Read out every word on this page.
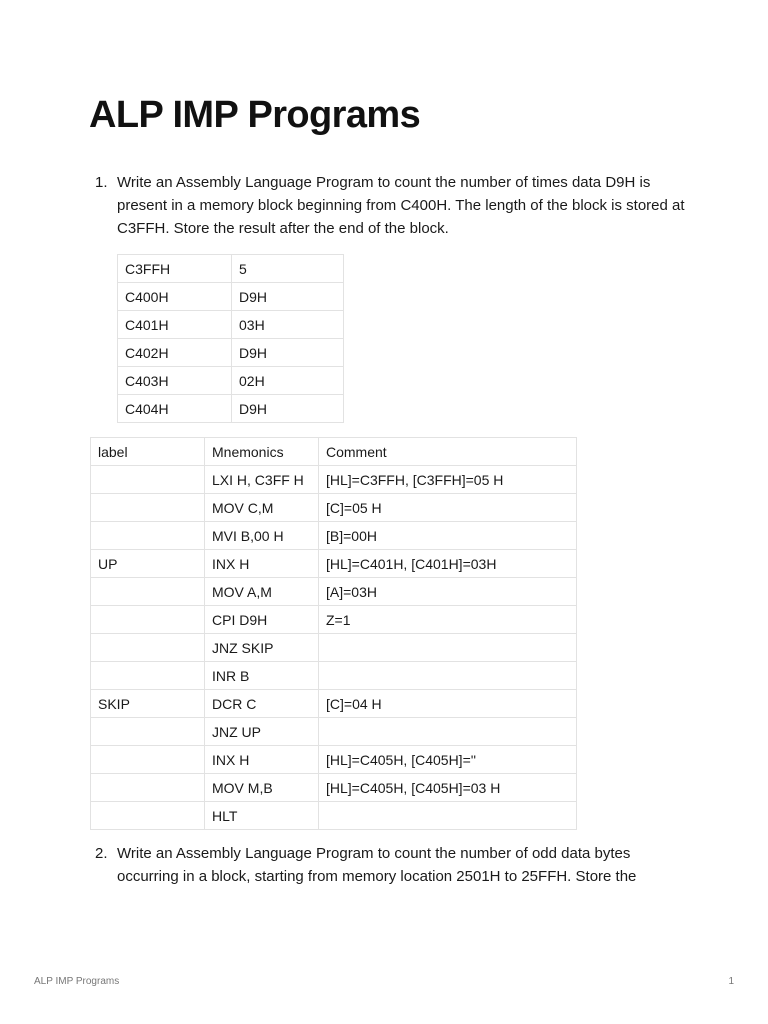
ALP IMP Programs
1. Write an Assembly Language Program to count the number of times data D9H is present in a memory block beginning from C400H. The length of the block is stored at C3FFH. Store the result after the end of the block.
C3FFH	5
C400H	D9H
C401H	03H
C402H	D9H
C403H	02H
C404H	D9H
label	Mnemonics	Comment
	LXI H, C3FF H	[HL]=C3FFH, [C3FFH]=05 H
	MOV C,M	[C]=05 H
	MVI B,00 H	[B]=00H
UP	INX H	[HL]=C401H, [C401H]=03H
	MOV A,M	[A]=03H
	CPI D9H	Z=1
	JNZ SKIP	
	INR B	
SKIP	DCR C	[C]=04 H
	JNZ UP	
	INX H	[HL]=C405H, [C405H]=''
	MOV M,B	[HL]=C405H, [C405H]=03 H
	HLT	
2. Write an Assembly Language Program to count the number of odd data bytes occurring in a block, starting from memory location 2501H to 25FFH. Store the
ALP IMP Programs	1
